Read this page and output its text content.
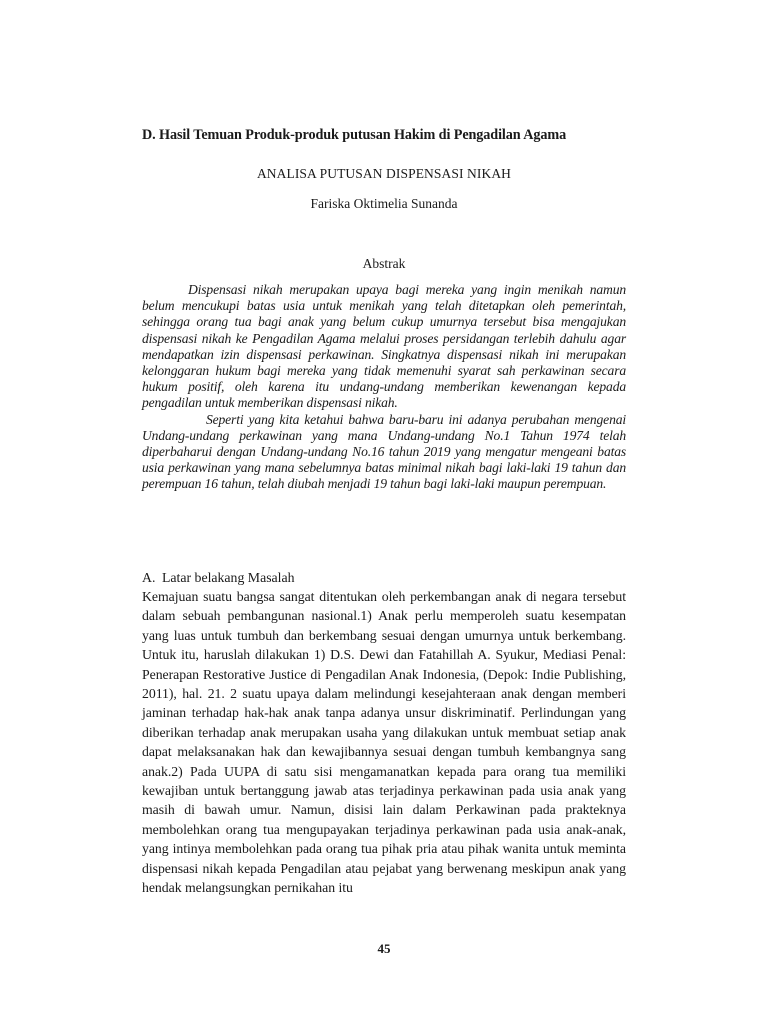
D. Hasil Temuan Produk-produk putusan Hakim di Pengadilan Agama
ANALISA PUTUSAN DISPENSASI NIKAH
Fariska Oktimelia Sunanda
Abstrak

Dispensasi nikah merupakan upaya bagi mereka yang ingin menikah namun belum mencukupi batas usia untuk menikah yang telah ditetapkan oleh pemerintah, sehingga orang tua bagi anak yang belum cukup umurnya tersebut bisa mengajukan dispensasi nikah ke Pengadilan Agama melalui proses persidangan terlebih dahulu agar mendapatkan izin dispensasi perkawinan. Singkatnya dispensasi nikah ini merupakan kelonggaran hukum bagi mereka yang tidak memenuhi syarat sah perkawinan secara hukum positif, oleh karena itu undang-undang memberikan kewenangan kepada pengadilan untuk memberikan dispensasi nikah.

Seperti yang kita ketahui bahwa baru-baru ini adanya perubahan mengenai Undang-undang perkawinan yang mana Undang-undang No.1 Tahun 1974 telah diperbaharui dengan Undang-undang No.16 tahun 2019 yang mengatur mengeani batas usia perkawinan yang mana sebelumnya batas minimal nikah bagi laki-laki 19 tahun dan perempuan 16 tahun, telah diubah menjadi 19 tahun bagi laki-laki maupun perempuan.

A. Latar belakang Masalah

Kemajuan suatu bangsa sangat ditentukan oleh perkembangan anak di negara tersebut dalam sebuah pembangunan nasional.1) Anak perlu memperoleh suatu kesempatan yang luas untuk tumbuh dan berkembang sesuai dengan umurnya untuk berkembang. Untuk itu, haruslah dilakukan 1) D.S. Dewi dan Fatahillah A. Syukur, Mediasi Penal: Penerapan Restorative Justice di Pengadilan Anak Indonesia, (Depok: Indie Publishing, 2011), hal. 21. 2 suatu upaya dalam melindungi kesejahteraan anak dengan memberi jaminan terhadap hak-hak anak tanpa adanya unsur diskriminatif. Perlindungan yang diberikan terhadap anak merupakan usaha yang dilakukan untuk membuat setiap anak dapat melaksanakan hak dan kewajibannya sesuai dengan tumbuh kembangnya sang anak.2) Pada UUPA di satu sisi mengamanatkan kepada para orang tua memiliki kewajiban untuk bertanggung jawab atas terjadinya perkawinan pada usia anak yang masih di bawah umur. Namun, disisi lain dalam Perkawinan pada prakteknya membolehkan orang tua mengupayakan terjadinya perkawinan pada usia anak-anak, yang intinya membolehkan pada orang tua pihak pria atau pihak wanita untuk meminta dispensasi nikah kepada Pengadilan atau pejabat yang berwenang meskipun anak yang hendak melangsungkan pernikahan itu

45
